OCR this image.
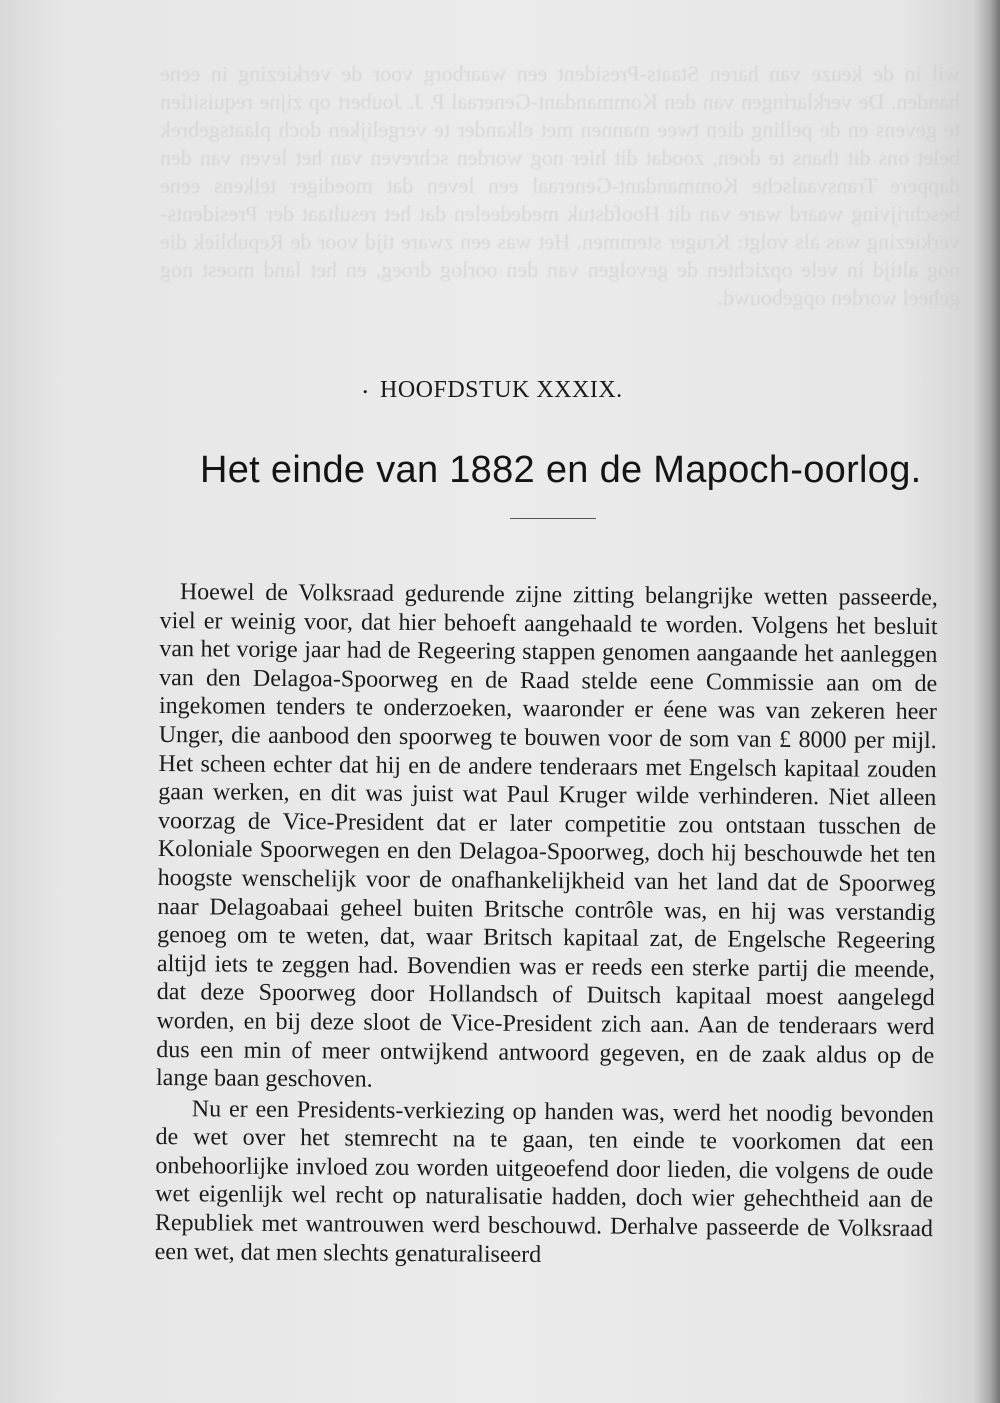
wil in de keuze van haren Staats-President een waarborg voor de verkiezing in eene handen. De verklaringen van den Kommandant-Generaal P. J. Joubert op zijne requisitien te gevens en de pelling dien twee mannen met elkander te vergelijken doch plaatsgebrek belet ons dit thans te doen, zoodat dit hier nog worden schreven van het leven van den dappere Transvaalsche Kommandant-Generaal een leven dat moediger telkens eene beschrijving waard ware van dit Hoofdstuk mededeelen dat het resultaat der Presidents-verkiezing was als volgt: Kruger stemmen. Het was een zware tijd voor de Republiek die nog altijd in vele opzichten de gevolgen van den oorlog droeg, en het land moest nog geheel worden opgebouwd.
. HOOFDSTUK XXXIX.
Het einde van 1882 en de Mapoch-oorlog.

Hoewel de Volksraad gedurende zijne zitting belangrijke wetten passeerde, viel er weinig voor, dat hier behoeft aangehaald te worden. Volgens het besluit van het vorige jaar had de Regeering stappen genomen aangaande het aanleggen van den Delagoa-Spoorweg en de Raad stelde eene Commissie aan om de ingekomen tenders te onderzoeken, waaronder er éene was van zekeren heer Unger, die aanbood den spoorweg te bouwen voor de som van £ 8000 per mijl. Het scheen echter dat hij en de andere tenderaars met Engelsch kapitaal zouden gaan werken, en dit was juist wat Paul Kruger wilde verhinderen. Niet alleen voorzag de Vice-President dat er later competitie zou ontstaan tusschen de Koloniale Spoorwegen en den Delagoa-Spoorweg, doch hij beschouwde het ten hoogste wenschelijk voor de onafhankelijkheid van het land dat de Spoorweg naar Delagoabaai geheel buiten Britsche contrôle was, en hij was verstandig genoeg om te weten, dat, waar Britsch kapitaal zat, de Engelsche Regeering altijd iets te zeggen had. Bovendien was er reeds een sterke partij die meende, dat deze Spoorweg door Hollandsch of Duitsch kapitaal moest aangelegd worden, en bij deze sloot de Vice-President zich aan. Aan de tenderaars werd dus een min of meer ontwijkend antwoord gegeven, en de zaak aldus op de lange baan geschoven.

Nu er een Presidents-verkiezing op handen was, werd het noodig bevonden de wet over het stemrecht na te gaan, ten einde te voorkomen dat een onbehoorlijke invloed zou worden uitgeoefend door lieden, die volgens de oude wet eigenlijk wel recht op naturalisatie hadden, doch wier gehechtheid aan de Republiek met wantrouwen werd beschouwd. Derhalve passeerde de Volksraad een wet, dat men slechts genaturaliseerd
